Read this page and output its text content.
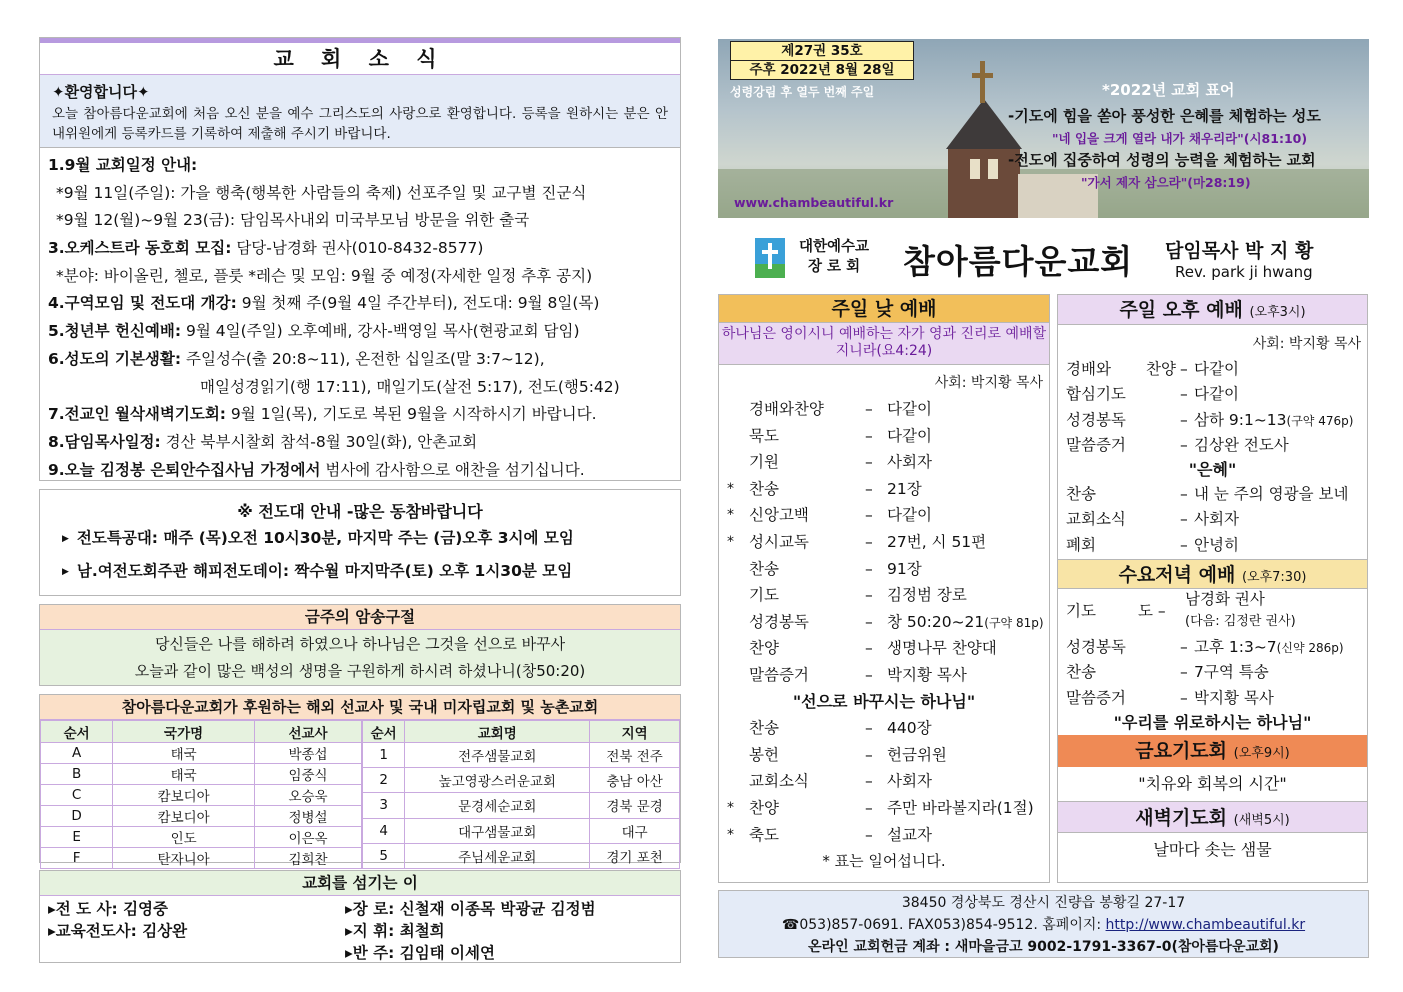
교 회 소 식
✦환영합니다✦
오늘 참아름다운교회에 처음 오신 분을 예수 그리스도의 사랑으로 환영합니다. 등록을 원하시는 분은 안내위원에게 등록카드를 기록하여 제출해 주시기 바랍니다.
1.9월 교회일정 안내:
*9월 11일(주일): 가을 행축(행복한 사람들의 축제) 선포주일 및 교구별 진군식
*9월 12(월)~9월 23(금): 담임목사내외 미국부모님 방문을 위한 출국
3.오케스트라 동호회 모집: 담당-남경화 권사(010-8432-8577)
*분야: 바이올린, 첼로, 플룻 *레슨 및 모임: 9월 중 예정(자세한 일정 추후 공지)
4.구역모임 및 전도대 개강: 9월 첫째 주(9월 4일 주간부터), 전도대: 9월 8일(목)
5.청년부 헌신예배: 9월 4일(주일) 오후예배, 강사-백영일 목사(현광교회 담임)
6.성도의 기본생활: 주일성수(출 20:8~11), 온전한 십일조(말 3:7~12),
매일성경읽기(행 17:11), 매일기도(살전 5:17), 전도(행5:42)
7.전교인 월삭새벽기도회: 9월 1일(목), 기도로 복된 9월을 시작하시기 바랍니다.
8.담임목사일정: 경산 북부시찰회 참석-8월 30일(화), 안촌교회
9.오늘 김정봉 은퇴안수집사님 가정에서 범사에 감사함으로 애찬을 섬기십니다.
※ 전도대 안내 -많은 동참바랍니다
▶ 전도특공대: 매주 (목)오전 10시30분, 마지막 주는 (금)오후 3시에 모임
▶ 남.여전도회주관 해피전도데이: 짝수월 마지막주(토) 오후 1시30분 모임
금주의 암송구절
당신들은 나를 해하려 하였으나 하나님은 그것을 선으로 바꾸사
오늘과 같이 많은 백성의 생명을 구원하게 하시려 하셨나니(창50:20)
참아름다운교회가 후원하는 해외 선교사 및 국내 미자립교회 및 농촌교회
순서	국가명	선교사
A	태국	박종섭
B	태국	임중식
C	캄보디아	오승욱
D	캄보디아	정병설
E	인도	이은옥
F	탄자니아	김희찬
순서	교회명	지역
1	전주샘물교회	전북 전주
2	높고영광스러운교회	충남 아산
3	문경세순교회	경북 문경
4	대구샘물교회	대구
5	주님세운교회	경기 포천
교회를 섬기는 이
▸전 도 사: 김영중
▸교육전도사: 김상완
▸장 로: 신철재 이종목 박광균 김정범
▸지 휘: 최철희
▸반 주: 김임태 이세연
제27권 35호
주후 2022년 8월 28일
성령강림 후 열두 번째 주일
www.chambeautiful.kr
*2022년 교회 표어
-기도에 힘을 쏟아 풍성한 은혜를 체험하는 성도
"네 입을 크게 열라 내가 채우리라"(시81:10)
-전도에 집중하여 성령의 능력을 체험하는 교회
"가서 제자 삼으라"(마28:19)
대한예수교
장 로 회 참아름다운교회 담임목사 박 지 황
Rev. park ji hwang
주일 낮 예배
하나님은 영이시니 예배하는 자가 영과 진리로 예배할지니라(요4:24)
사회: 박지황 목사
경배와찬양	– 다같이
묵도	– 다같이
기원	– 사회자
* 찬송	– 21장
* 신앙고백	– 다같이
* 성시교독	– 27번, 시 51편
찬송	– 91장
기도	– 김정범 장로
성경봉독	– 창 50:20~21(구약 81p)
찬양	– 생명나무 찬양대
말씀증거	– 박지황 목사
"선으로 바꾸시는 하나님"
찬송	– 440장
봉헌	– 헌금위원
교회소식	– 사회자
* 찬양	– 주만 바라볼지라(1절)
* 축도	– 설교자
* 표는 일어섭니다.
주일 오후 예배 (오후3시)
사회: 박지황 목사
경배와 찬양 – 다같이
합심기도	– 다같이
성경봉독	– 삼하 9:1~13(구약 476p)
말씀증거	– 김상완 전도사
"은혜"
찬송	– 내 눈 주의 영광을 보네
교회소식	– 사회자
폐회	– 안녕히
수요저녁 예배 (오후7:30)
기도	도 –
남경화 권사
(다음: 김정란 권사)
성경봉독	– 고후 1:3~7(신약 286p)
찬송	– 7구역 특송
말씀증거	– 박지황 목사
"우리를 위로하시는 하나님"
금요기도회 (오후9시)
"치유와 회복의 시간"
새벽기도회 (새벽5시)
날마다 솟는 샘물
38450 경상북도 경산시 진량읍 봉황길 27-17
☎053)857-0691. FAX053)854-9512. 홈페이지: http://www.chambeautiful.kr
온라인 교회헌금 계좌 : 새마을금고 9002-1791-3367-0(참아름다운교회)
